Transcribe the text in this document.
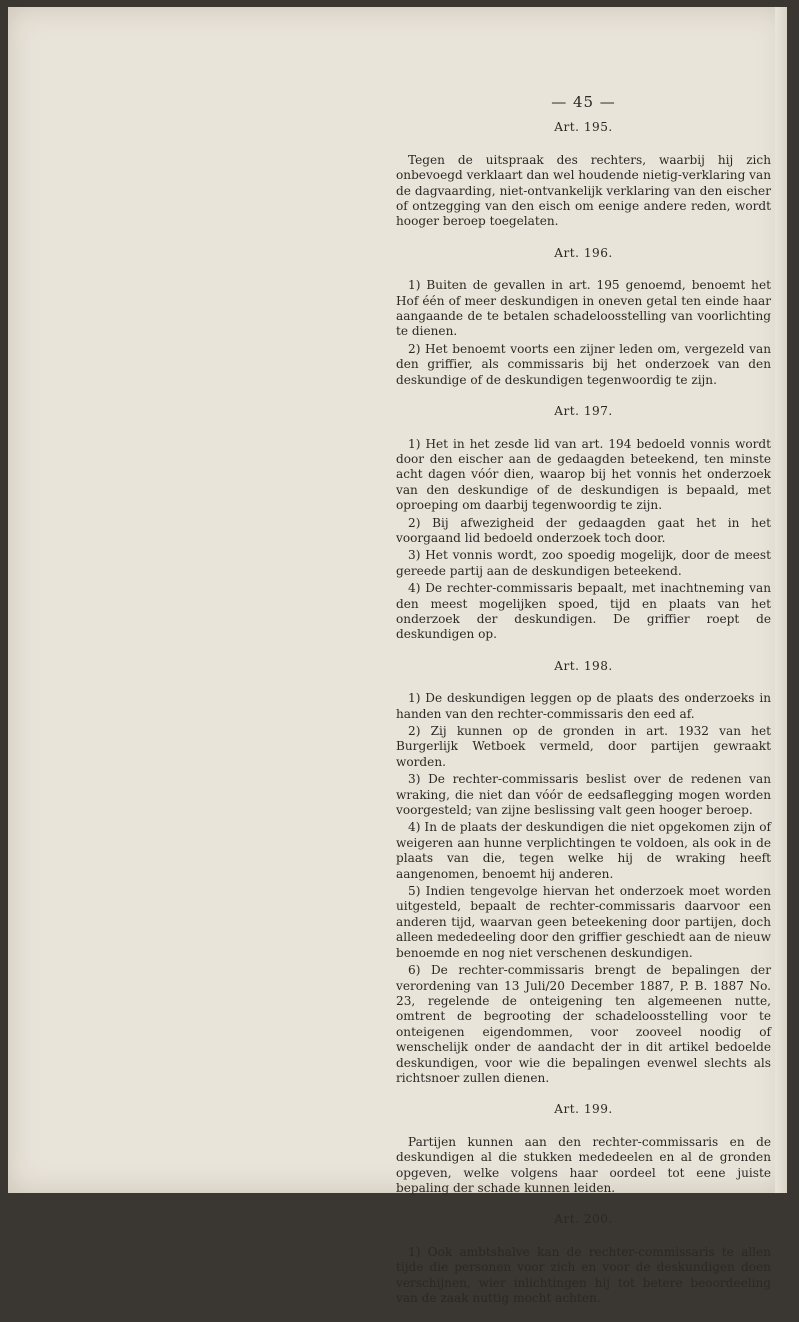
— 45 —
Art. 195.

Tegen de uitspraak des rechters, waarbij hij zich onbevoegd verklaart dan wel houdende nietig-verklaring van de dagvaarding, niet-ontvankelijk verklaring van den eischer of ontzegging van den eisch om eenige andere reden, wordt hooger beroep toegelaten.

Art. 196.

1) Buiten de gevallen in art. 195 genoemd, benoemt het Hof één of meer deskundigen in oneven getal ten einde haar aangaande de te betalen schadeloosstelling van voorlichting te dienen.

2) Het benoemt voorts een zijner leden om, vergezeld van den griffier, als commissaris bij het onderzoek van den deskundige of de deskundigen tegenwoordig te zijn.

Art. 197.

1) Het in het zesde lid van art. 194 bedoeld vonnis wordt door den eischer aan de gedaagden beteekend, ten minste acht dagen vóór dien, waarop bij het vonnis het onderzoek van den deskundige of de deskundigen is bepaald, met oproeping om daarbij tegenwoordig te zijn.

2) Bij afwezigheid der gedaagden gaat het in het voorgaand lid bedoeld onderzoek toch door.

3) Het vonnis wordt, zoo spoedig mogelijk, door de meest gereede partij aan de deskundigen beteekend.

4) De rechter-commissaris bepaalt, met inachtneming van den meest mogelijken spoed, tijd en plaats van het onderzoek der deskundigen. De griffier roept de deskundigen op.

Art. 198.

1) De deskundigen leggen op de plaats des onderzoeks in handen van den rechter-commissaris den eed af.

2) Zij kunnen op de gronden in art. 1932 van het Burgerlijk Wetboek vermeld, door partijen gewraakt worden.

3) De rechter-commissaris beslist over de redenen van wraking, die niet dan vóór de eedsaflegging mogen worden voorgesteld; van zijne beslissing valt geen hooger beroep.

4) In de plaats der deskundigen die niet opgekomen zijn of weigeren aan hunne verplichtingen te voldoen, als ook in de plaats van die, tegen welke hij de wraking heeft aangenomen, benoemt hij anderen.

5) Indien tengevolge hiervan het onderzoek moet worden uitgesteld, bepaalt de rechter-commissaris daarvoor een anderen tijd, waarvan geen beteekening door partijen, doch alleen mededeeling door den griffier geschiedt aan de nieuw benoemde en nog niet verschenen deskundigen.

6) De rechter-commissaris brengt de bepalingen der verordening van 13 Juli/20 December 1887, P. B. 1887 No. 23, regelende de onteigening ten algemeenen nutte, omtrent de begrooting der schadeloosstelling voor te onteigenen eigendommen, voor zooveel noodig of wenschelijk onder de aandacht der in dit artikel bedoelde deskundigen, voor wie die bepalingen evenwel slechts als richtsnoer zullen dienen.

Art. 199.

Partijen kunnen aan den rechter-commissaris en de deskundigen al die stukken mededeelen en al de gronden opgeven, welke volgens haar oordeel tot eene juiste bepaling der schade kunnen leiden.

Art. 200.

1) Ook ambtshalve kan de rechter-commissaris te allen tijde die personen voor zich en voor de deskundigen doen verschijnen, wier inlichtingen hij tot betere beoordeeling van de zaak nuttig mocht achten.
